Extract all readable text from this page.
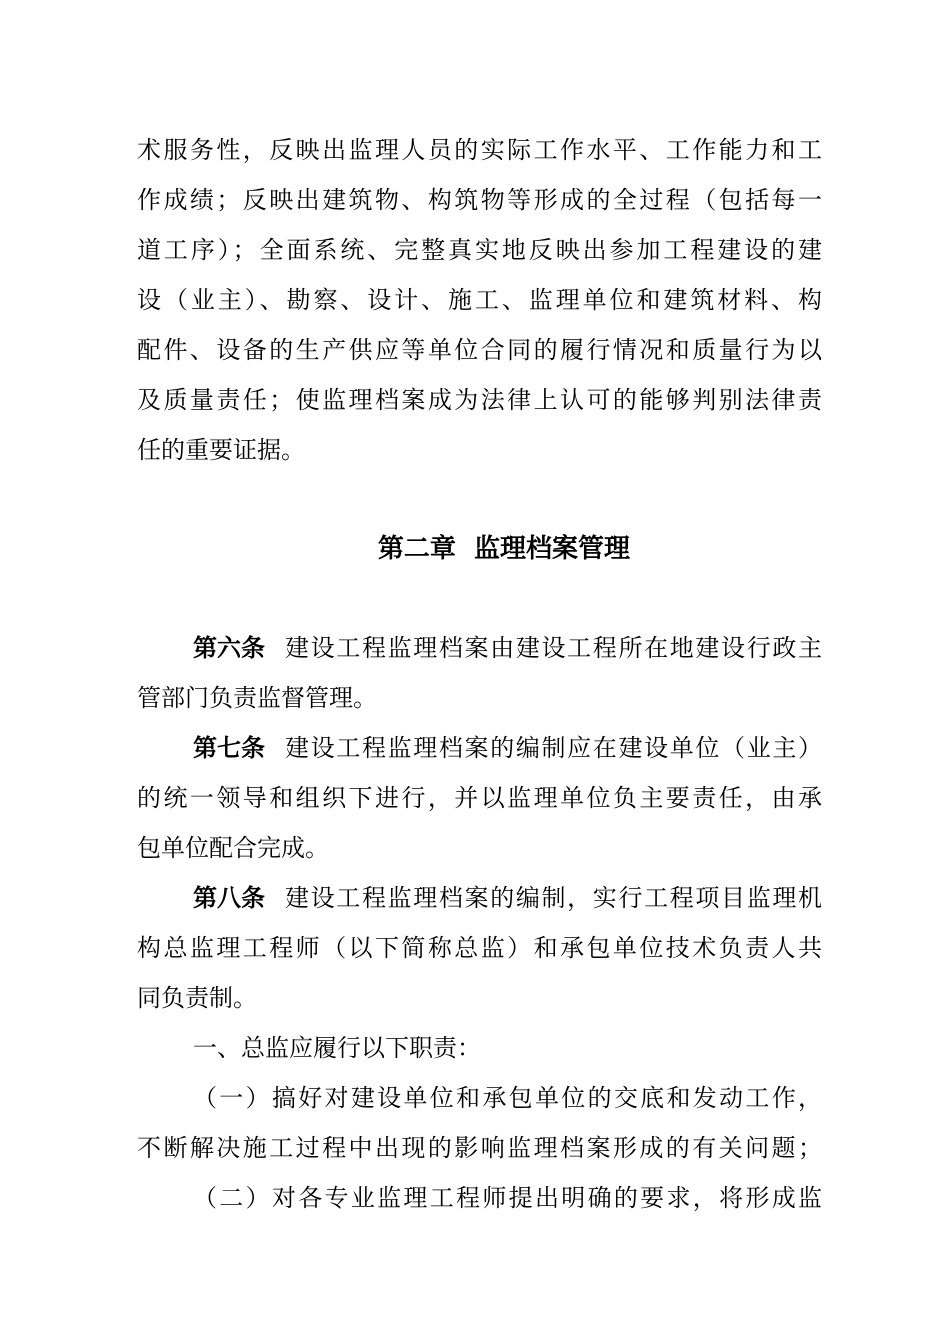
术服务性，反映出监理人员的实际工作水平、工作能力和工
作成绩；反映出建筑物、构筑物等形成的全过程（包括每一
道工序）；全面系统、完整真实地反映出参加工程建设的建
设（业主）、勘察、设计、施工、监理单位和建筑材料、构
配件、设备的生产供应等单位合同的履行情况和质量行为以
及质量责任；使监理档案成为法律上认可的能够判别法律责
任的重要证据。
第二章 监理档案管理
第六条 建设工程监理档案由建设工程所在地建设行政主
管部门负责监督管理。
第七条 建设工程监理档案的编制应在建设单位（业主）
的统一领导和组织下进行，并以监理单位负主要责任，由承
包单位配合完成。
第八条 建设工程监理档案的编制，实行工程项目监理机
构总监理工程师（以下简称总监）和承包单位技术负责人共
同负责制。
一、总监应履行以下职责：
（一）搞好对建设单位和承包单位的交底和发动工作，
不断解决施工过程中出现的影响监理档案形成的有关问题；
（二）对各专业监理工程师提出明确的要求，将形成监
